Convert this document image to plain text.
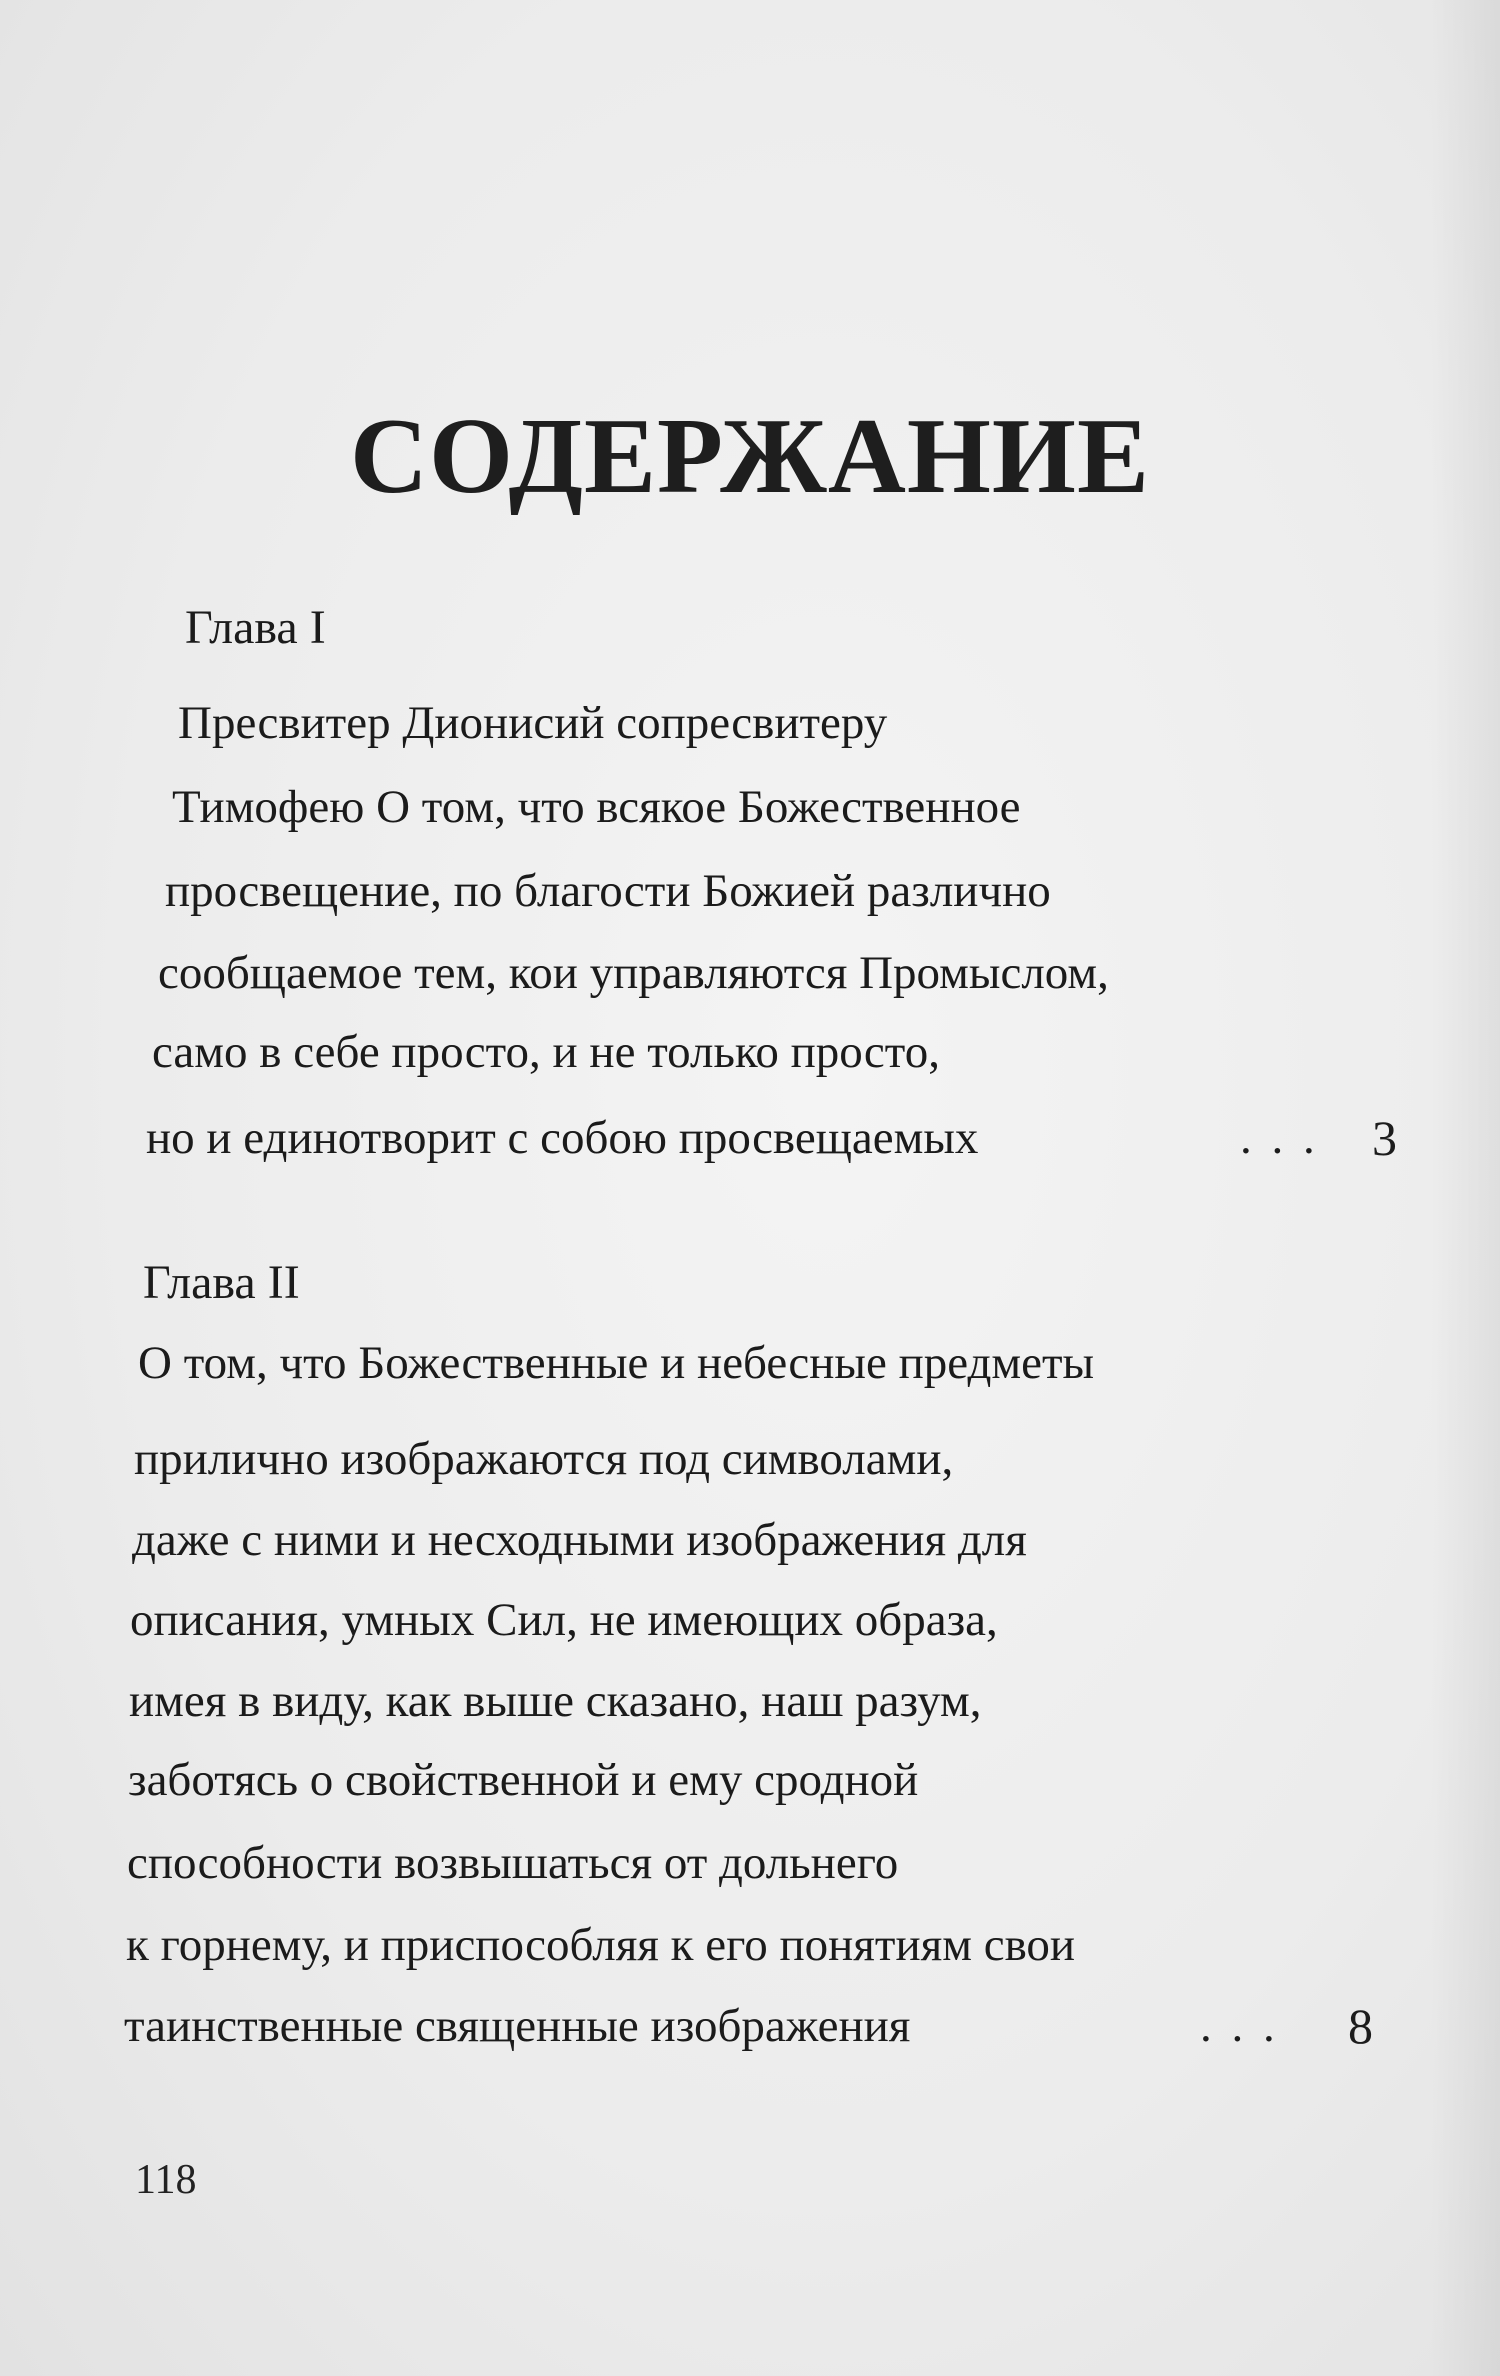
СОДЕРЖАНИЕ
Глава I
Пресвитер Дионисий сопресвитеру
Тимофею О том, что всякое Божественное
просвещение, по благости Божией различно
сообщаемое тем, кои управляются Промыслом,
само в себе просто, и не только просто,
но и единотворит с собою просвещаемых	. . . 3
Глава II
О том, что Божественные и небесные предметы
прилично изображаются под символами,
даже с ними и несходными изображения для
описания, умных Сил, не имеющих образа,
имея в виду, как выше сказано, наш разум,
заботясь о свойственной и ему сродной
способности возвышаться от дольнего
к горнему, и приспособляя к его понятиям свои
таинственные священные изображения	. . . 8
118
